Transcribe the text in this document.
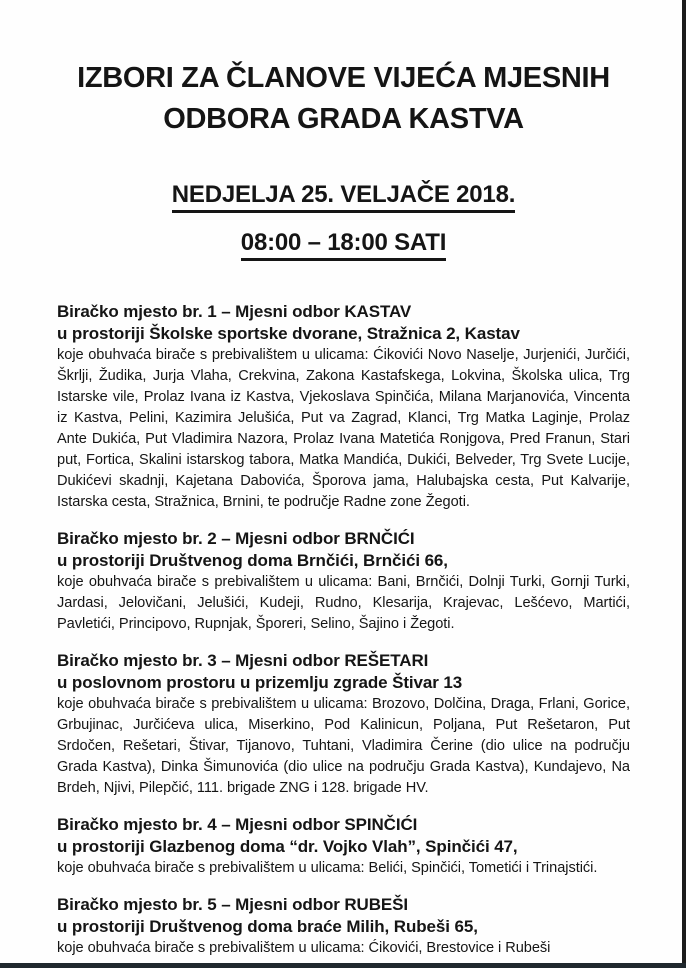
IZBORI ZA ČLANOVE VIJEĆA MJESNIH ODBORA GRADA KASTVA
NEDJELJA 25. VELJAČE 2018.
08:00 – 18:00 SATI

Biračko mjesto br. 1 – Mjesni odbor KASTAV

u prostoriji Školske sportske dvorane, Stražnica 2, Kastav

koje obuhvaća birače s prebivalištem u ulicama: Ćikovići Novo Naselje, Jurjenići, Jurčići, Škrlji, Žudika, Jurja Vlaha, Crekvina, Zakona Kastafskega, Lokvina, Školska ulica, Trg Istarske vile, Prolaz Ivana iz Kastva, Vjekoslava Spinčića, Milana Marjanovića, Vincenta iz Kastva, Pelini, Kazimira Jelušića, Put va Zagrad, Klanci, Trg Matka Laginje, Prolaz Ante Dukića, Put Vladimira Nazora, Prolaz Ivana Matetića Ronjgova, Pred Franun, Stari put, Fortica, Skalini istarskog tabora, Matka Mandića, Dukići, Belveder, Trg Svete Lucije, Dukićevi skadnji, Kajetana Dabovića, Šporova jama, Halubajska cesta, Put Kalvarije, Istarska cesta, Stražnica, Brnini, te područje Radne zone Žegoti.

Biračko mjesto br. 2 – Mjesni odbor BRNČIĆI

u prostoriji Društvenog doma Brnčići, Brnčići 66,

koje obuhvaća birače s prebivalištem u ulicama: Bani, Brnčići, Dolnji Turki, Gornji Turki, Jardasi, Jelovičani, Jelušići, Kudeji, Rudno, Klesarija, Krajevac, Lešćevo, Martići, Pavletići, Principovo, Rupnjak, Šporeri, Selino, Šajino i Žegoti.

Biračko mjesto br. 3 – Mjesni odbor REŠETARI

u poslovnom prostoru u prizemlju zgrade Štivar 13

koje obuhvaća birače s prebivalištem u ulicama: Brozovo, Dolčina, Draga, Frlani, Gorice, Grbujinac, Jurčićeva ulica, Miserkino, Pod Kalinicun, Poljana, Put Rešetaron, Put Srdočen, Rešetari, Štivar, Tijanovo, Tuhtani, Vladimira Čerine (dio ulice na području Grada Kastva), Dinka Šimunovića (dio ulice na području Grada Kastva), Kundajevo, Na Brdeh, Njivi, Pilepčić, 111. brigade ZNG i 128. brigade HV.

Biračko mjesto br. 4 – Mjesni odbor SPINČIĆI

u prostoriji Glazbenog doma “dr. Vojko Vlah”, Spinčići 47,

koje obuhvaća birače s prebivalištem u ulicama: Belići, Spinčići, Tometići i Trinajstići.

Biračko mjesto br. 5 – Mjesni odbor RUBEŠI

u prostoriji Društvenog doma braće Milih, Rubeši 65,

koje obuhvaća birače s prebivalištem u ulicama: Ćikovići, Brestovice i Rubeši
